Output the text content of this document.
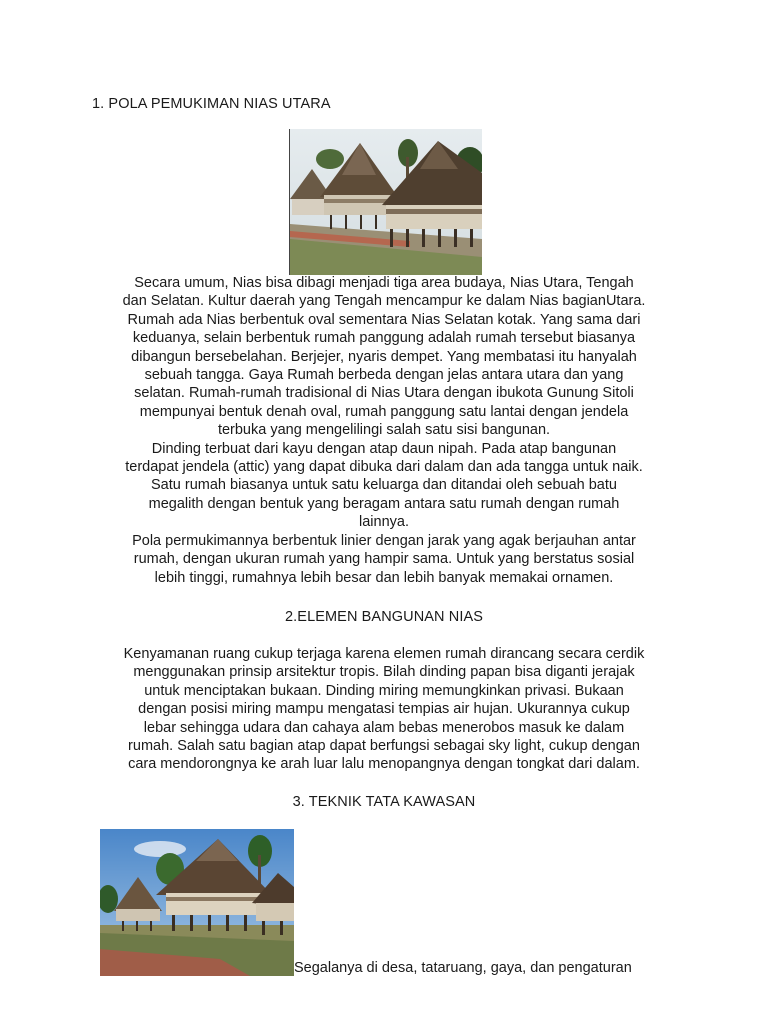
1. POLA PEMUKIMAN NIAS UTARA
Secara umum, Nias bisa dibagi menjadi tiga area budaya, Nias Utara, Tengah
dan Selatan. Kultur daerah yang Tengah mencampur ke dalam Nias bagianUtara.
Rumah ada Nias berbentuk oval sementara Nias Selatan kotak. Yang sama dari
keduanya, selain berbentuk rumah panggung adalah rumah tersebut biasanya
dibangun bersebelahan. Berjejer, nyaris dempet. Yang membatasi itu hanyalah
sebuah tangga. Gaya Rumah berbeda dengan jelas antara utara dan yang
selatan. Rumah-rumah tradisional di Nias Utara dengan ibukota Gunung Sitoli
mempunyai bentuk denah oval, rumah panggung satu lantai dengan jendela
terbuka yang mengelilingi salah satu sisi bangunan.
Dinding terbuat dari kayu dengan atap daun nipah. Pada atap bangunan
terdapat jendela (attic) yang dapat dibuka dari dalam dan ada tangga untuk naik.
Satu rumah biasanya untuk satu keluarga dan ditandai oleh sebuah batu
megalith dengan bentuk yang beragam antara satu rumah dengan rumah
lainnya.
Pola permukimannya berbentuk linier dengan jarak yang agak berjauhan antar
rumah, dengan ukuran rumah yang hampir sama. Untuk yang berstatus sosial
lebih tinggi, rumahnya lebih besar dan lebih banyak memakai ornamen.
2.ELEMEN BANGUNAN NIAS
Kenyamanan ruang cukup terjaga karena elemen rumah dirancang secara cerdik
menggunakan prinsip arsitektur tropis. Bilah dinding papan bisa diganti jerajak
untuk menciptakan bukaan. Dinding miring memungkinkan privasi. Bukaan
dengan posisi miring mampu mengatasi tempias air hujan. Ukurannya cukup
lebar sehingga udara dan cahaya alam bebas menerobos masuk ke dalam
rumah. Salah satu bagian atap dapat berfungsi sebagai sky light, cukup dengan
cara mendorongnya ke arah luar lalu menopangnya dengan tongkat dari dalam.
3. TEKNIK TATA KAWASAN
Segalanya di desa, tataruang, gaya, dan pengaturan
